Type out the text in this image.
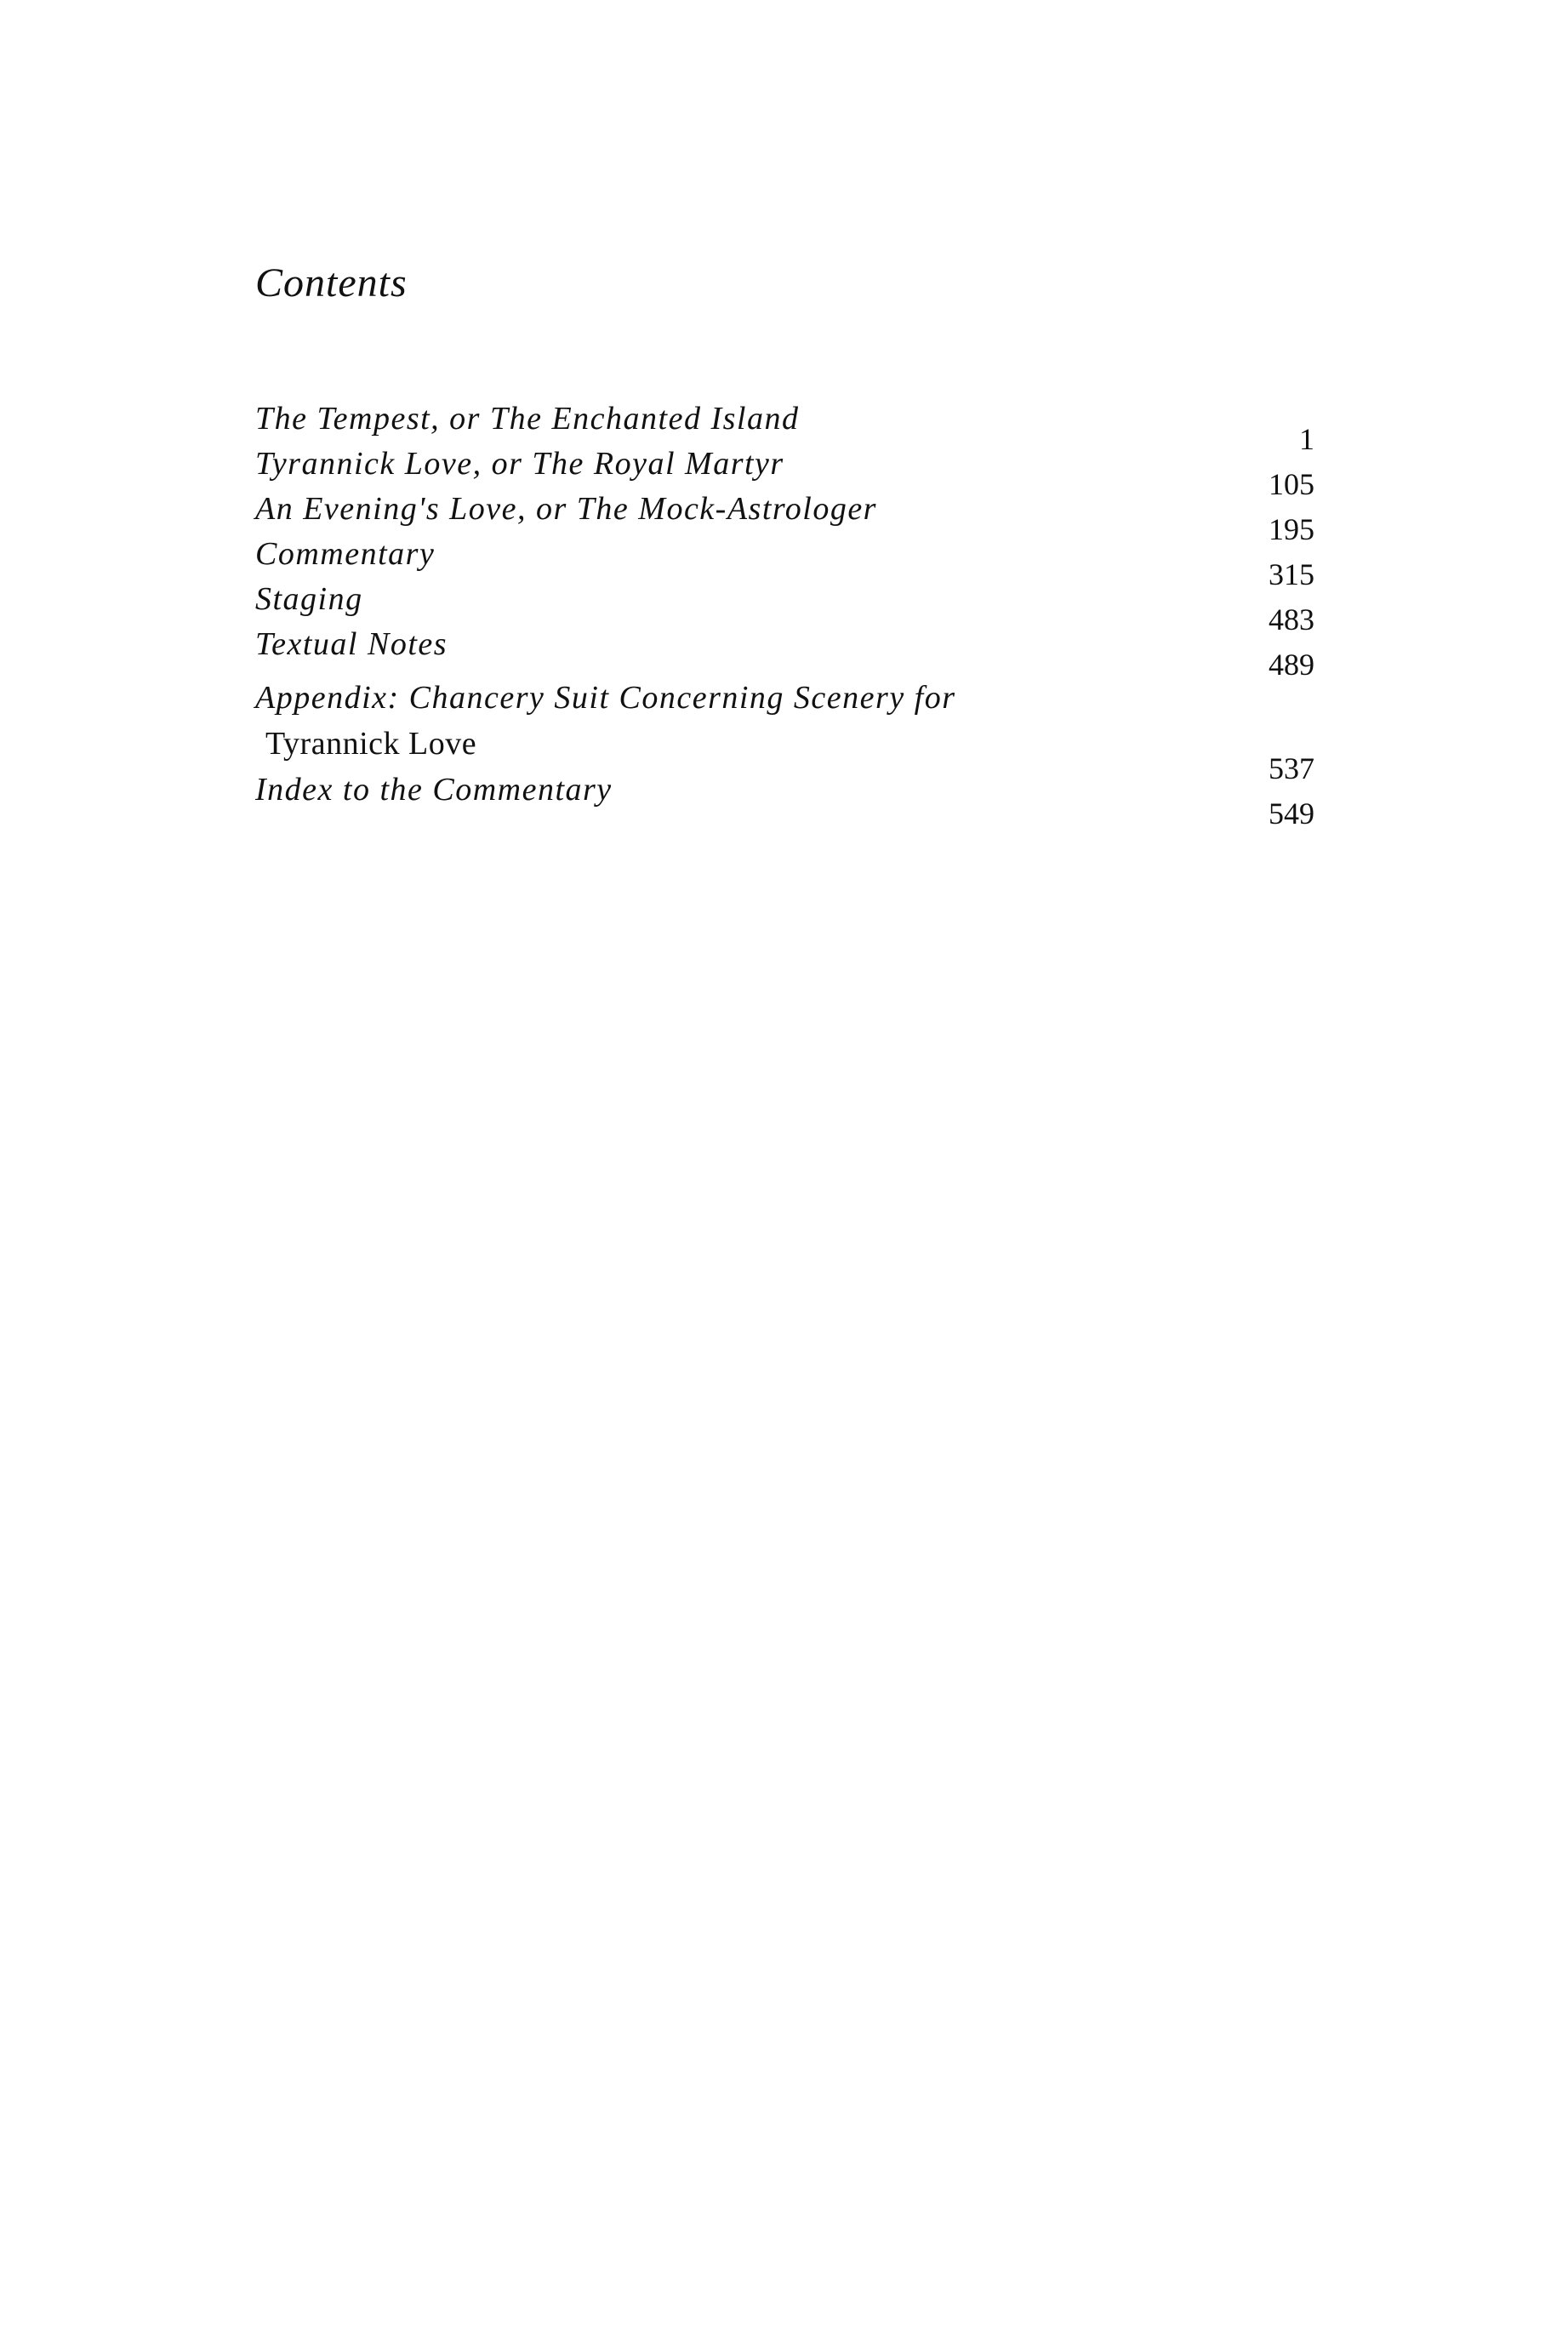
Contents
The Tempest, or The Enchanted Island
1
Tyrannick Love, or The Royal Martyr
105
An Evening's Love, or The Mock-Astrologer
195
Commentary
315
Staging
483
Textual Notes
489
Appendix: Chancery Suit Concerning Scenery for
Tyrannick Love
537
Index to the Commentary
549
